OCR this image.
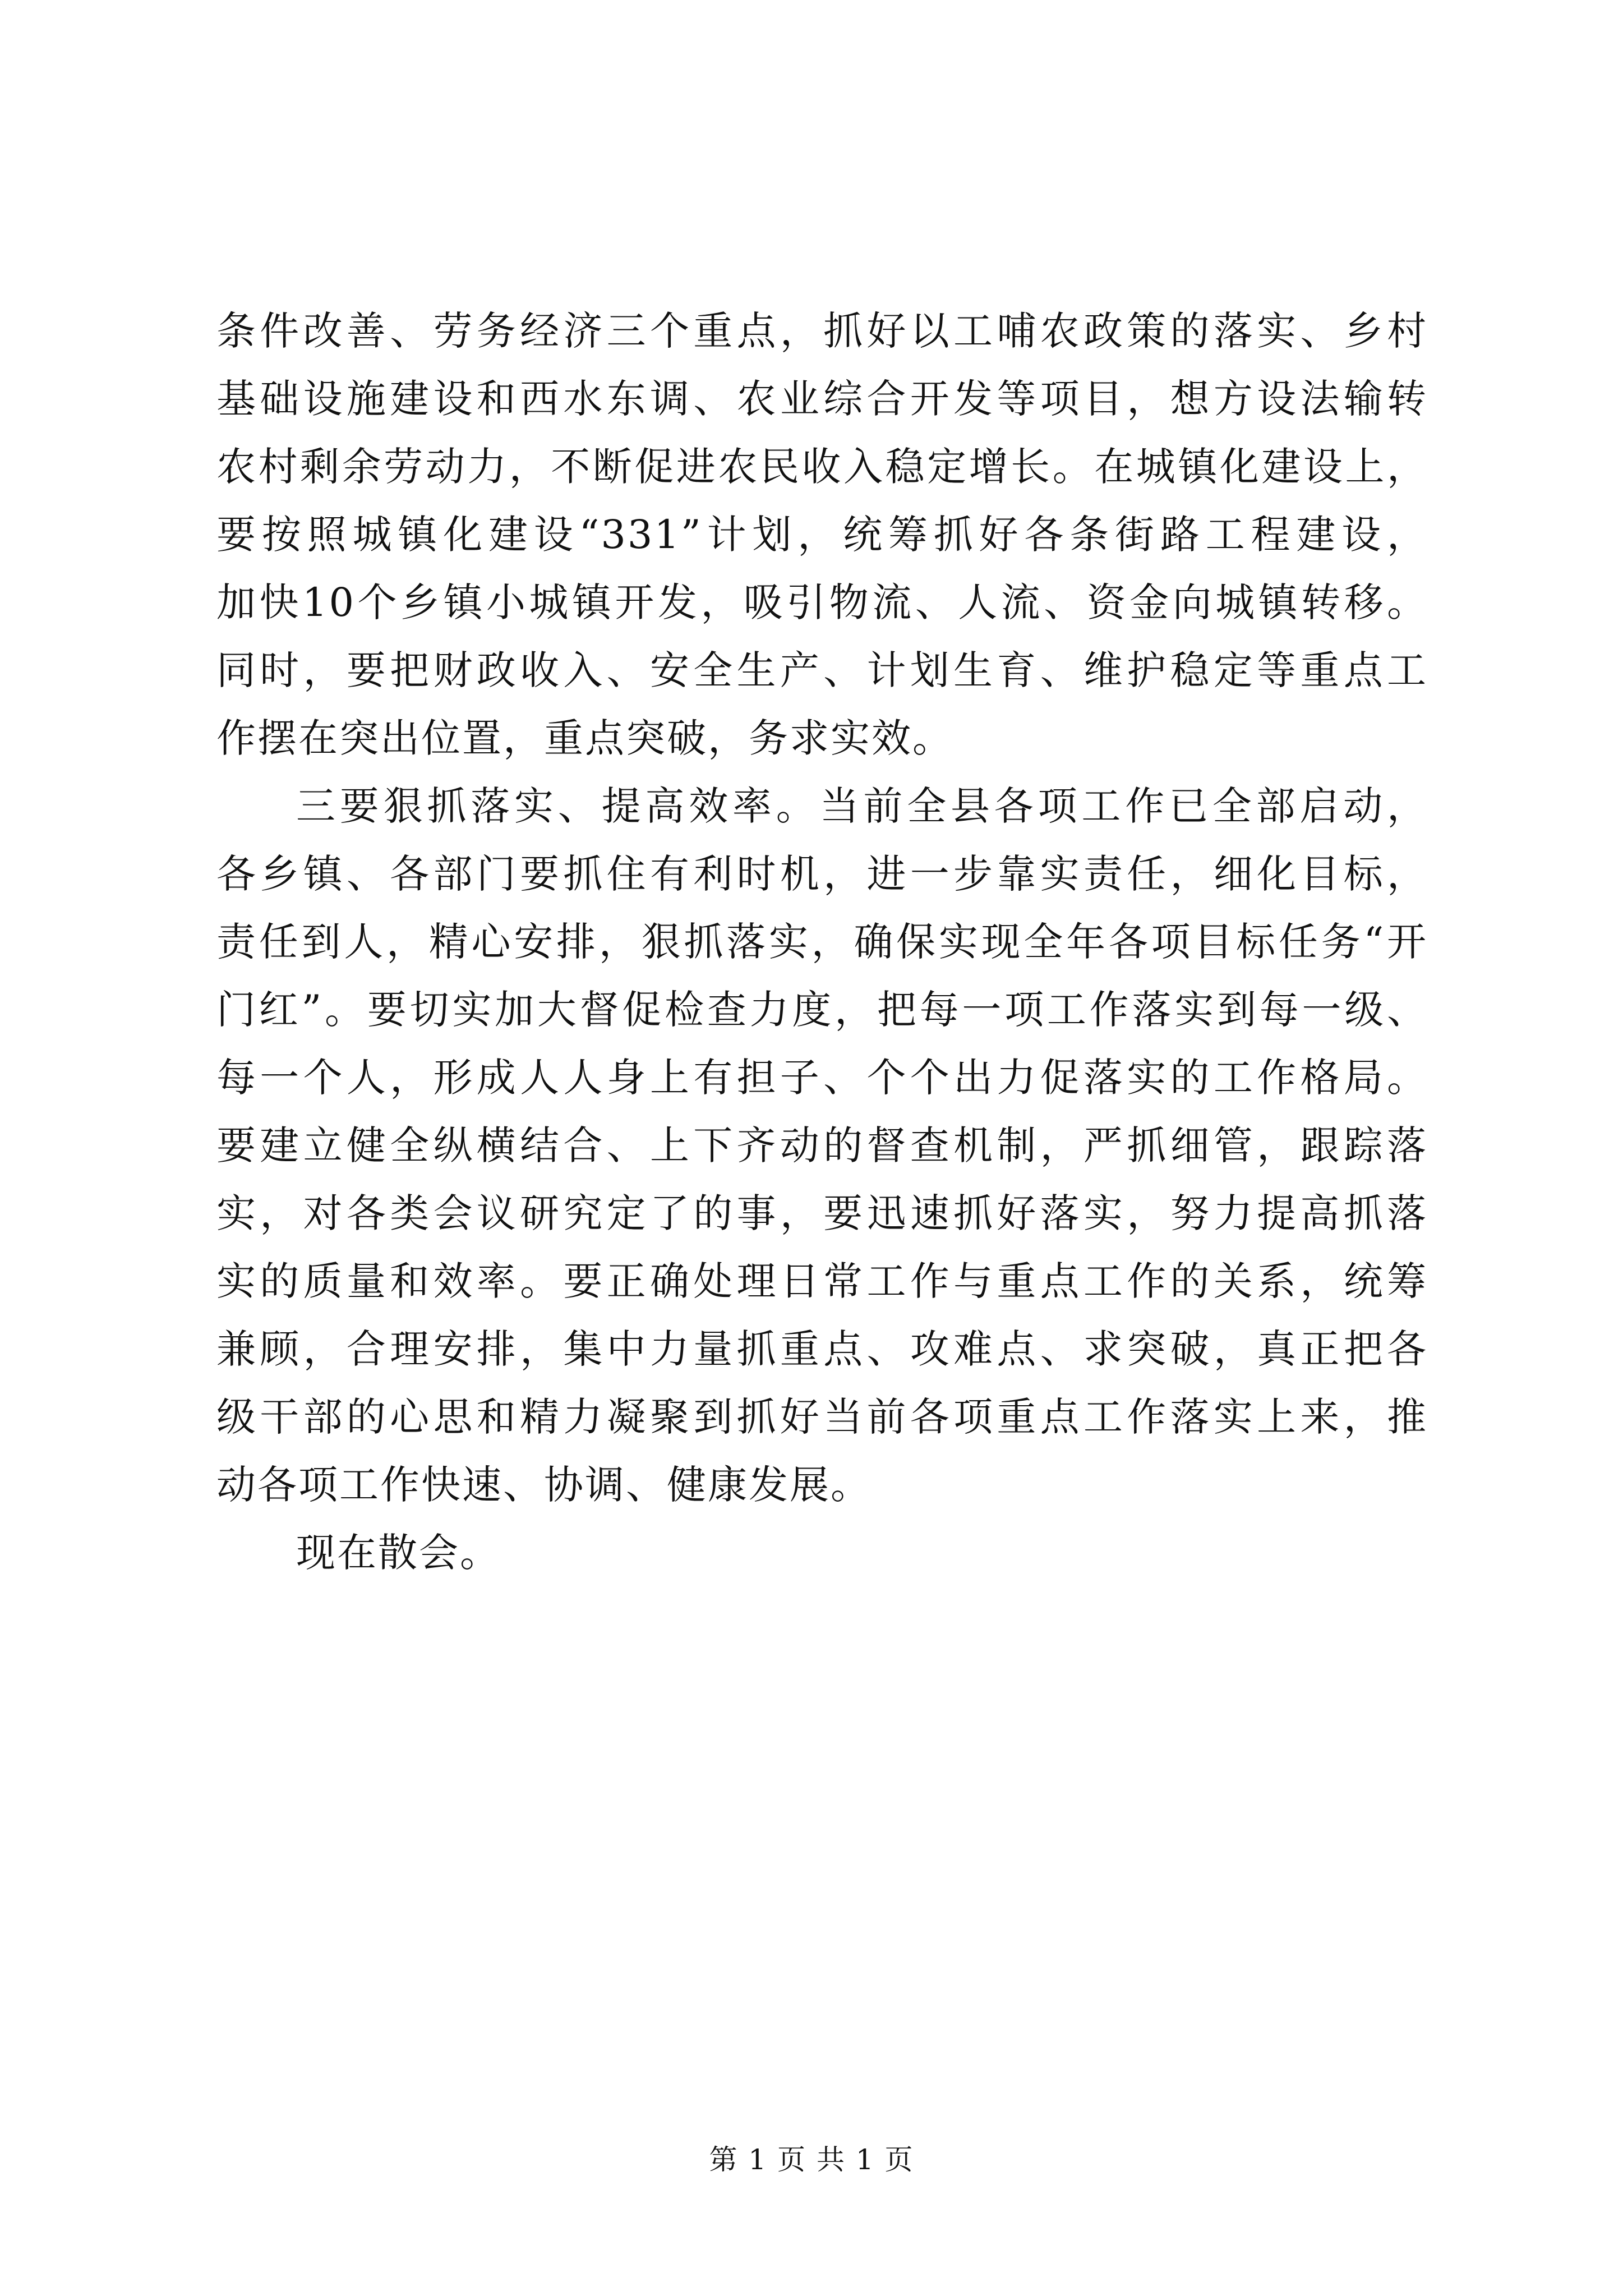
条件改善、劳务经济三个重点，抓好以工哺农政策的落实、乡村
基础设施建设和西水东调、农业综合开发等项目，想方设法输转
农村剩余劳动力，不断促进农民收入稳定增长。在城镇化建设上，
要按照城镇化建设“331”计划，统筹抓好各条街路工程建设，
加快10个乡镇小城镇开发，吸引物流、人流、资金向城镇转移。
同时，要把财政收入、安全生产、计划生育、维护稳定等重点工
作摆在突出位置，重点突破，务求实效。
三要狠抓落实、提高效率。当前全县各项工作已全部启动，
各乡镇、各部门要抓住有利时机，进一步靠实责任，细化目标，
责任到人，精心安排，狠抓落实，确保实现全年各项目标任务“开
门红”。要切实加大督促检查力度，把每一项工作落实到每一级、
每一个人，形成人人身上有担子、个个出力促落实的工作格局。
要建立健全纵横结合、上下齐动的督查机制，严抓细管，跟踪落
实，对各类会议研究定了的事，要迅速抓好落实，努力提高抓落
实的质量和效率。要正确处理日常工作与重点工作的关系，统筹
兼顾，合理安排，集中力量抓重点、攻难点、求突破，真正把各
级干部的心思和精力凝聚到抓好当前各项重点工作落实上来，推
动各项工作快速、协调、健康发展。
现在散会。
第 1 页 共 1 页
